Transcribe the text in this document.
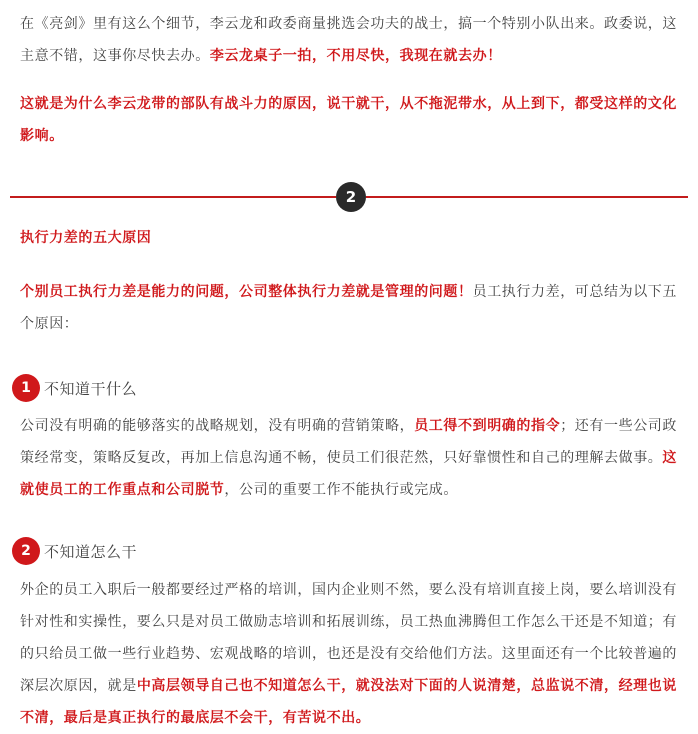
在《亮剑》里有这么个细节，李云龙和政委商量挑选会功夫的战士，搞一个特别小队出来。政委说，这主意不错，这事你尽快去办。李云龙桌子一拍，不用尽快，我现在就去办！

这就是为什么李云龙带的部队有战斗力的原因，说干就干，从不拖泥带水，从上到下，都受这样的文化影响。

2

执行力差的五大原因

个别员工执行力差是能力的问题，公司整体执行力差就是管理的问题！员工执行力差，可总结为以下五个原因：

1 不知道干什么

公司没有明确的能够落实的战略规划，没有明确的营销策略，员工得不到明确的指令；还有一些公司政策经常变，策略反复改，再加上信息沟通不畅，使员工们很茫然，只好靠惯性和自己的理解去做事。这就使员工的工作重点和公司脱节，公司的重要工作不能执行或完成。

2 不知道怎么干

外企的员工入职后一般都要经过严格的培训，国内企业则不然，要么没有培训直接上岗，要么培训没有针对性和实操性，要么只是对员工做励志培训和拓展训练，员工热血沸腾但工作怎么干还是不知道；有的只给员工做一些行业趋势、宏观战略的培训，也还是没有交给他们方法。这里面还有一个比较普遍的深层次原因，就是中高层领导自己也不知道怎么干，就没法对下面的人说清楚，总监说不清，经理也说不清，最后是真正执行的最底层不会干，有苦说不出。
